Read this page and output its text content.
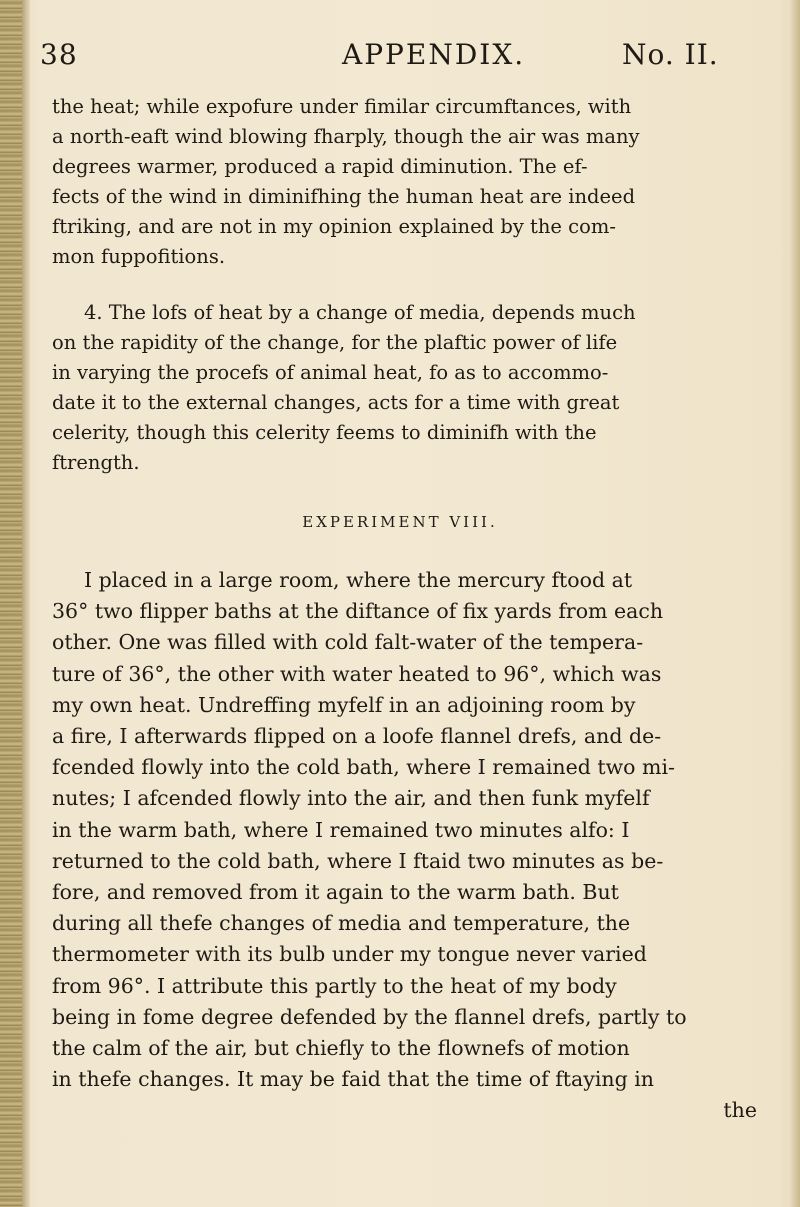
38	APPENDIX.	No. II.
the heat; while expofure under fimilar circumftances, with
a north-eaft wind blowing fharply, though the air was many
degrees warmer, produced a rapid diminution. The ef-
fects of the wind in diminifhing the human heat are indeed
ftriking, and are not in my opinion explained by the com-
mon fuppofitions.
4. The lofs of heat by a change of media, depends much
on the rapidity of the change, for the plaftic power of life
in varying the procefs of animal heat, fo as to accommo-
date it to the external changes, acts for a time with great
celerity, though this celerity feems to diminifh with the
ftrength.
EXPERIMENT VIII.
I placed in a large room, where the mercury ftood at
36° two flipper baths at the diftance of fix yards from each
other. One was filled with cold falt-water of the tempera-
ture of 36°, the other with water heated to 96°, which was
my own heat. Undreffing myfelf in an adjoining room by
a fire, I afterwards flipped on a loofe flannel drefs, and de-
fcended flowly into the cold bath, where I remained two mi-
nutes; I afcended flowly into the air, and then funk myfelf
in the warm bath, where I remained two minutes alfo: I
returned to the cold bath, where I ftaid two minutes as be-
fore, and removed from it again to the warm bath. But
during all thefe changes of media and temperature, the
thermometer with its bulb under my tongue never varied
from 96°. I attribute this partly to the heat of my body
being in fome degree defended by the flannel drefs, partly to
the calm of the air, but chiefly to the flownefs of motion
in thefe changes. It may be faid that the time of ftaying in
the
